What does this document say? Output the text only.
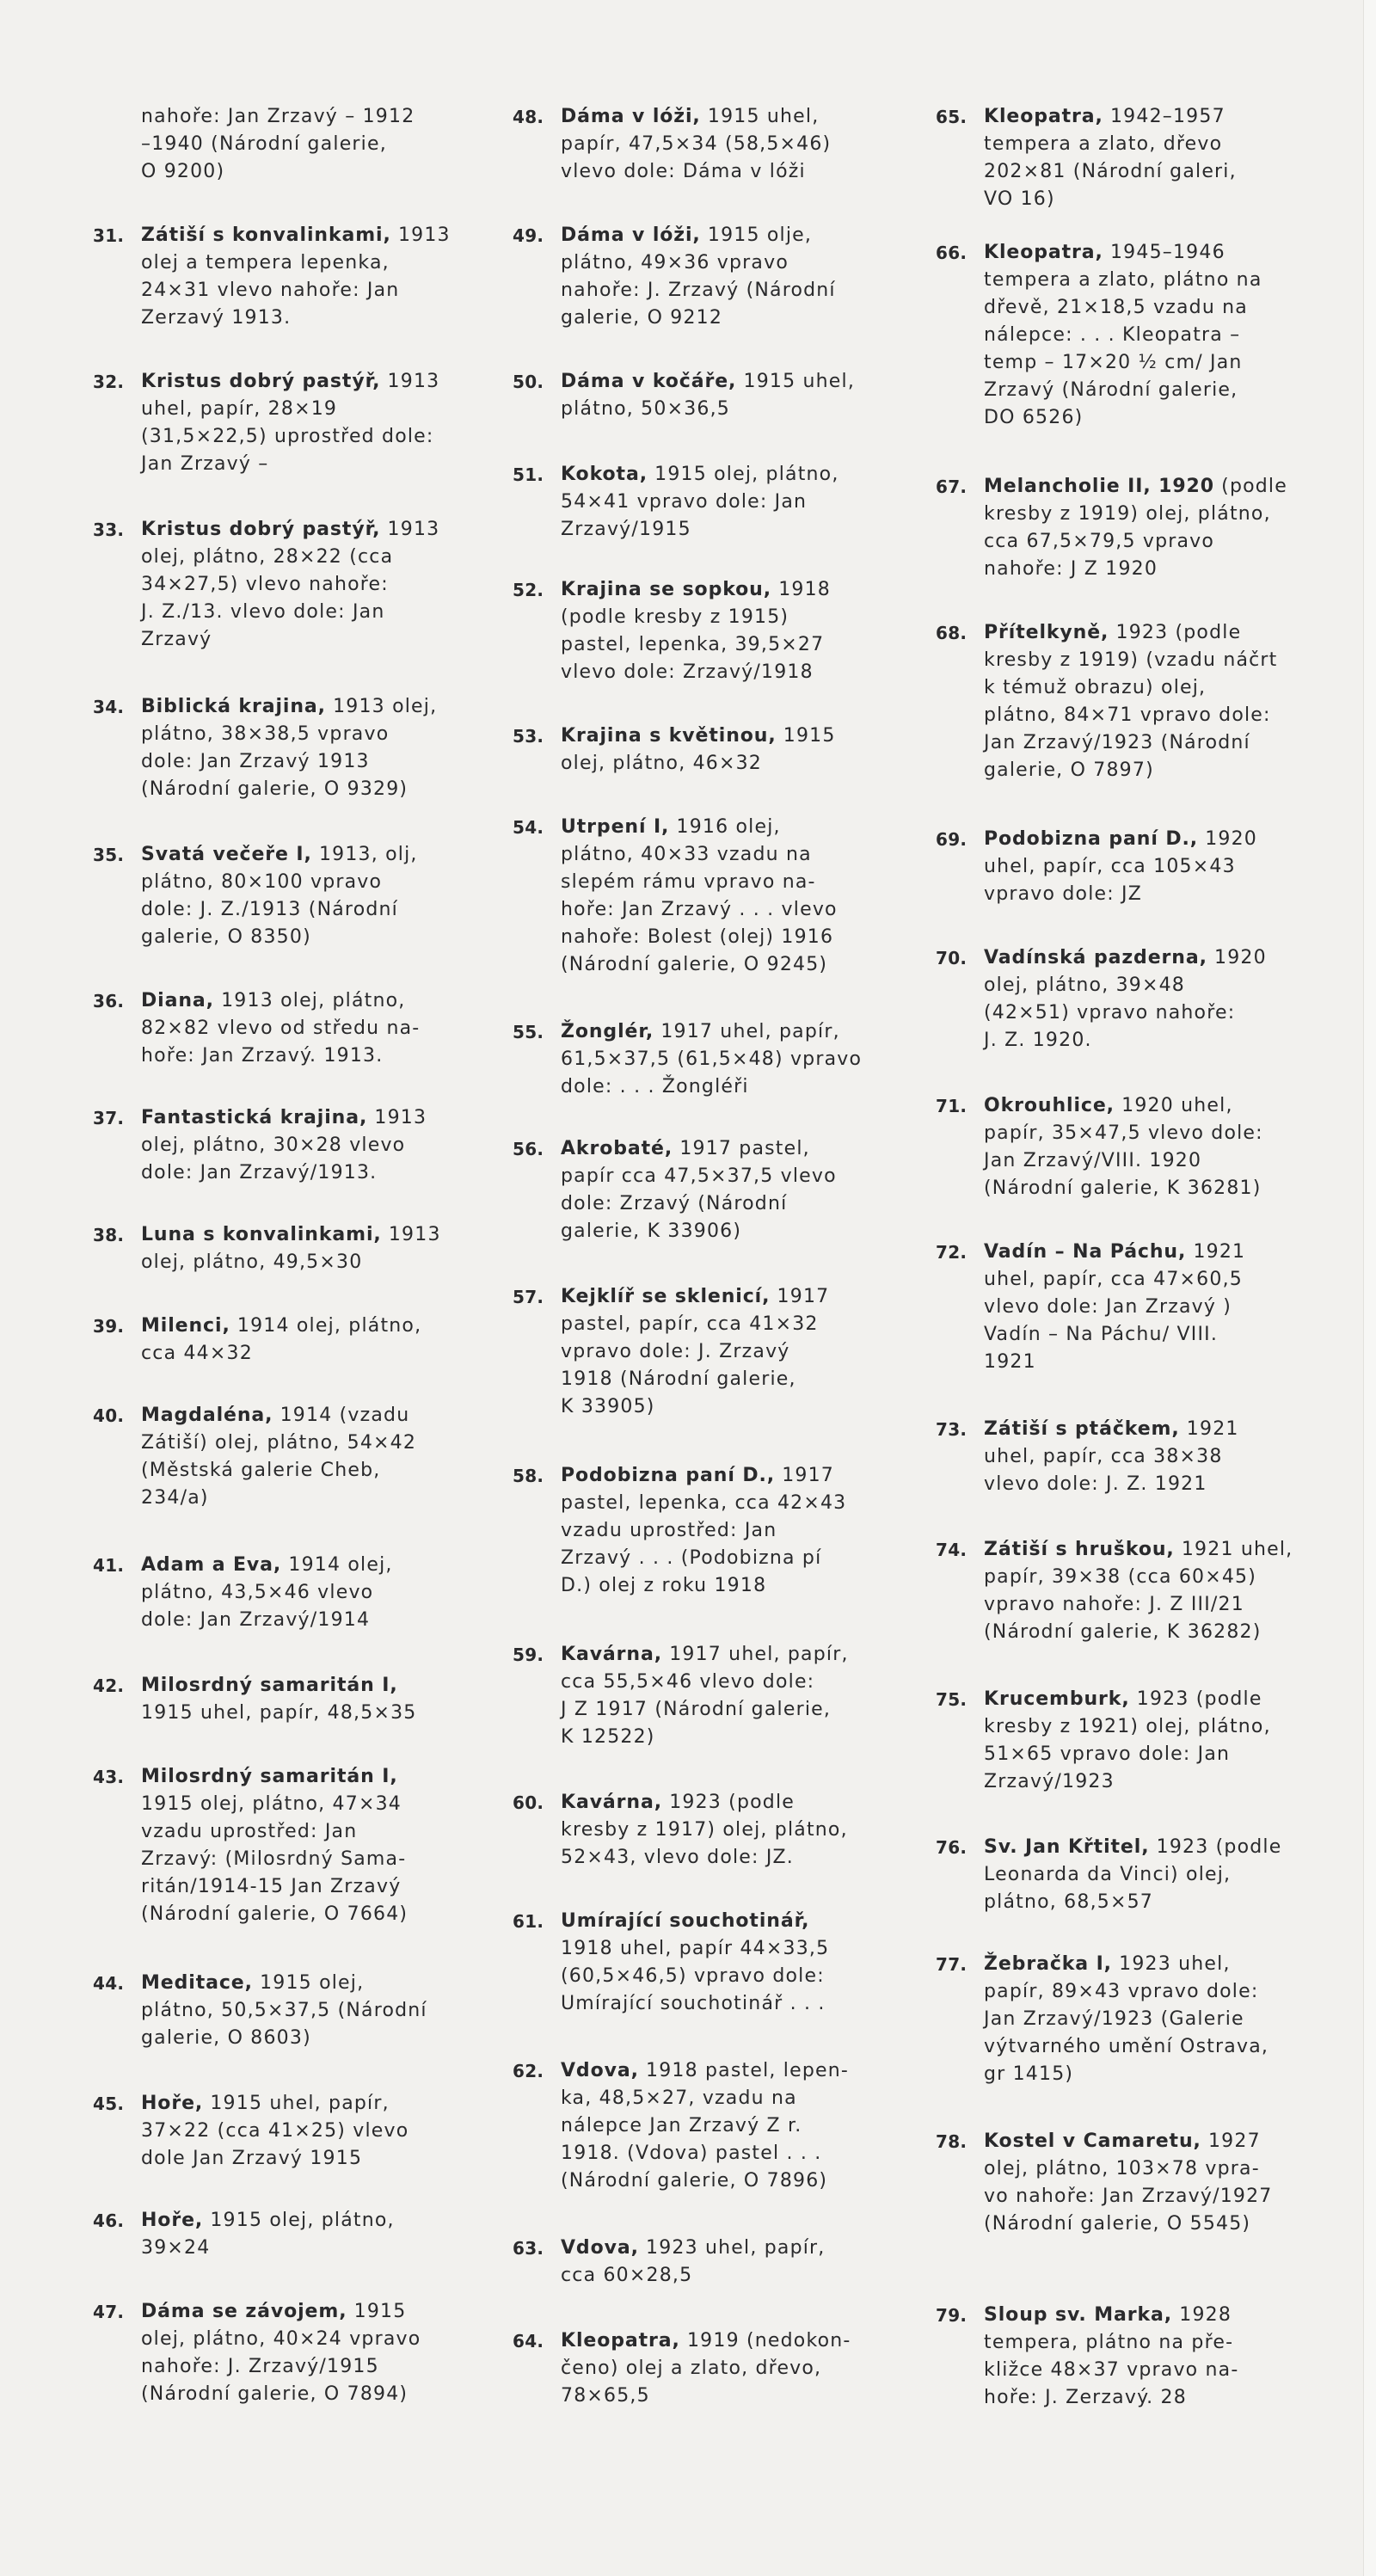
nahoře: Jan Zrzavý – 1912
–1940 (Národní galerie,
O 9200)
31. Zátiší s konvalinkami, 1913
olej a tempera lepenka,
24×31 vlevo nahoře: Jan
Zerzavý 1913.
32. Kristus dobrý pastýř, 1913
uhel, papír, 28×19
(31,5×22,5) uprostřed dole:
Jan Zrzavý –
33. Kristus dobrý pastýř, 1913
olej, plátno, 28×22 (cca
34×27,5) vlevo nahoře:
J. Z./13. vlevo dole: Jan
Zrzavý
34. Biblická krajina, 1913 olej,
plátno, 38×38,5 vpravo
dole: Jan Zrzavý 1913
(Národní galerie, O 9329)
35. Svatá večeře I, 1913, olj,
plátno, 80×100 vpravo
dole: J. Z./1913 (Národní
galerie, O 8350)
36. Diana, 1913 olej, plátno,
82×82 vlevo od středu na-
hoře: Jan Zrzavý. 1913.
37. Fantastická krajina, 1913
olej, plátno, 30×28 vlevo
dole: Jan Zrzavý/1913.
38. Luna s konvalinkami, 1913
olej, plátno, 49,5×30
39. Milenci, 1914 olej, plátno,
cca 44×32
40. Magdaléna, 1914 (vzadu
Zátiší) olej, plátno, 54×42
(Městská galerie Cheb,
234/a)
41. Adam a Eva, 1914 olej,
plátno, 43,5×46 vlevo
dole: Jan Zrzavý/1914
42. Milosrdný samaritán I,
1915 uhel, papír, 48,5×35
43. Milosrdný samaritán I,
1915 olej, plátno, 47×34
vzadu uprostřed: Jan
Zrzavý: (Milosrdný Sama-
ritán/1914-15 Jan Zrzavý
(Národní galerie, O 7664)
44. Meditace, 1915 olej,
plátno, 50,5×37,5 (Národní
galerie, O 8603)
45. Hoře, 1915 uhel, papír,
37×22 (cca 41×25) vlevo
dole Jan Zrzavý 1915
46. Hoře, 1915 olej, plátno,
39×24
47. Dáma se závojem, 1915
olej, plátno, 40×24 vpravo
nahoře: J. Zrzavý/1915
(Národní galerie, O 7894)
48. Dáma v lóži, 1915 uhel,
papír, 47,5×34 (58,5×46)
vlevo dole: Dáma v lóži
49. Dáma v lóži, 1915 olje,
plátno, 49×36 vpravo
nahoře: J. Zrzavý (Národní
galerie, O 9212
50. Dáma v kočáře, 1915 uhel,
plátno, 50×36,5
51. Kokota, 1915 olej, plátno,
54×41 vpravo dole: Jan
Zrzavý/1915
52. Krajina se sopkou, 1918
(podle kresby z 1915)
pastel, lepenka, 39,5×27
vlevo dole: Zrzavý/1918
53. Krajina s květinou, 1915
olej, plátno, 46×32
54. Utrpení I, 1916 olej,
plátno, 40×33 vzadu na
slepém rámu vpravo na-
hoře: Jan Zrzavý . . . vlevo
nahoře: Bolest (olej) 1916
(Národní galerie, O 9245)
55. Žonglér, 1917 uhel, papír,
61,5×37,5 (61,5×48) vpravo
dole: . . . Žongléři
56. Akrobaté, 1917 pastel,
papír cca 47,5×37,5 vlevo
dole: Zrzavý (Národní
galerie, K 33906)
57. Kejklíř se sklenicí, 1917
pastel, papír, cca 41×32
vpravo dole: J. Zrzavý
1918 (Národní galerie,
K 33905)
58. Podobizna paní D., 1917
pastel, lepenka, cca 42×43
vzadu uprostřed: Jan
Zrzavý . . . (Podobizna pí
D.) olej z roku 1918
59. Kavárna, 1917 uhel, papír,
cca 55,5×46 vlevo dole:
J Z 1917 (Národní galerie,
K 12522)
60. Kavárna, 1923 (podle
kresby z 1917) olej, plátno,
52×43, vlevo dole: JZ.
61. Umírající souchotinář,
1918 uhel, papír 44×33,5
(60,5×46,5) vpravo dole:
Umírající souchotinář . . .
62. Vdova, 1918 pastel, lepen-
ka, 48,5×27, vzadu na
nálepce Jan Zrzavý Z r.
1918. (Vdova) pastel . . .
(Národní galerie, O 7896)
63. Vdova, 1923 uhel, papír,
cca 60×28,5
64. Kleopatra, 1919 (nedokon-
čeno) olej a zlato, dřevo,
78×65,5
65. Kleopatra, 1942–1957
tempera a zlato, dřevo
202×81 (Národní galeri,
VO 16)
66. Kleopatra, 1945–1946
tempera a zlato, plátno na
dřevě, 21×18,5 vzadu na
nálepce: . . . Kleopatra –
temp – 17×20 ½ cm/ Jan
Zrzavý (Národní galerie,
DO 6526)
67. Melancholie II, 1920 (podle
kresby z 1919) olej, plátno,
cca 67,5×79,5 vpravo
nahoře: J Z 1920
68. Přítelkyně, 1923 (podle
kresby z 1919) (vzadu náčrt
k témuž obrazu) olej,
plátno, 84×71 vpravo dole:
Jan Zrzavý/1923 (Národní
galerie, O 7897)
69. Podobizna paní D., 1920
uhel, papír, cca 105×43
vpravo dole: JZ
70. Vadínská pazderna, 1920
olej, plátno, 39×48
(42×51) vpravo nahoře:
J. Z. 1920.
71. Okrouhlice, 1920 uhel,
papír, 35×47,5 vlevo dole:
Jan Zrzavý/VIII. 1920
(Národní galerie, K 36281)
72. Vadín – Na Páchu, 1921
uhel, papír, cca 47×60,5
vlevo dole: Jan Zrzavý )
Vadín – Na Páchu/ VIII.
1921
73. Zátiší s ptáčkem, 1921
uhel, papír, cca 38×38
vlevo dole: J. Z. 1921
74. Zátiší s hruškou, 1921 uhel,
papír, 39×38 (cca 60×45)
vpravo nahoře: J. Z III/21
(Národní galerie, K 36282)
75. Krucemburk, 1923 (podle
kresby z 1921) olej, plátno,
51×65 vpravo dole: Jan
Zrzavý/1923
76. Sv. Jan Křtitel, 1923 (podle
Leonarda da Vinci) olej,
plátno, 68,5×57
77. Žebračka I, 1923 uhel,
papír, 89×43 vpravo dole:
Jan Zrzavý/1923 (Galerie
výtvarného umění Ostrava,
gr 1415)
78. Kostel v Camaretu, 1927
olej, plátno, 103×78 vpra-
vo nahoře: Jan Zrzavý/1927
(Národní galerie, O 5545)
79. Sloup sv. Marka, 1928
tempera, plátno na pře-
kližce 48×37 vpravo na-
hoře: J. Zerzavý. 28
